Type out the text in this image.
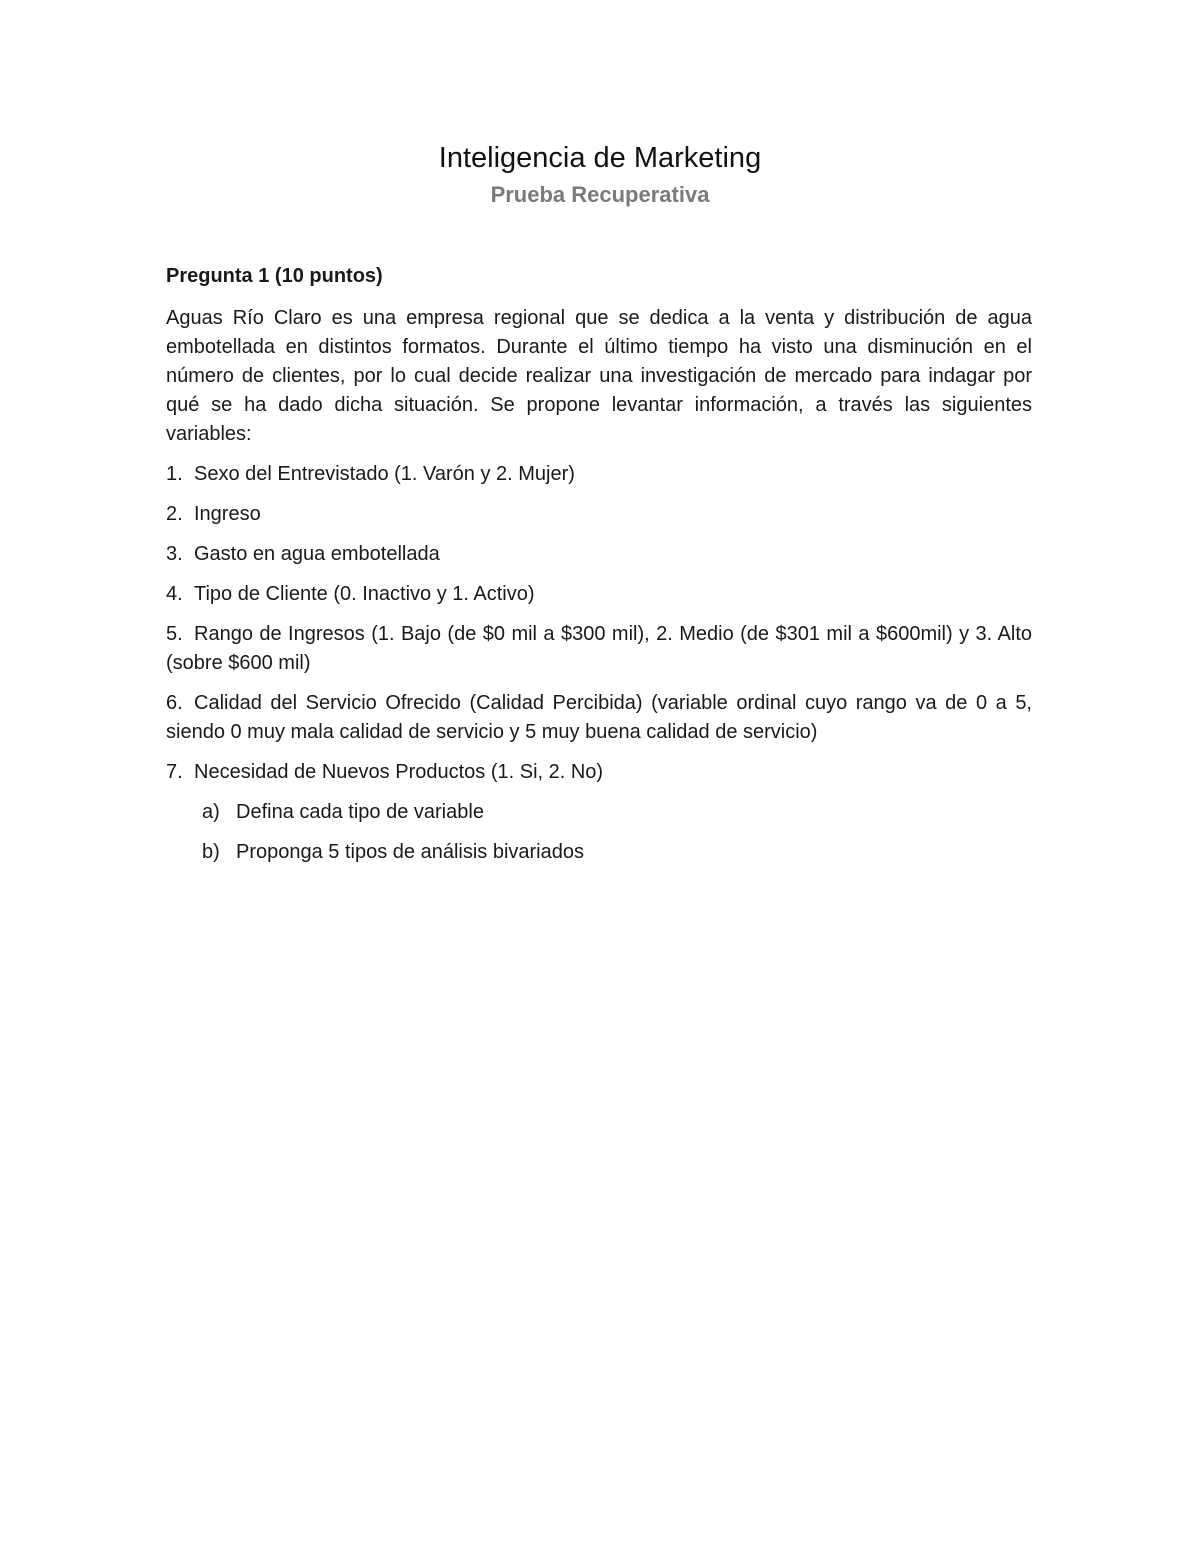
Inteligencia de Marketing
Prueba Recuperativa
Pregunta 1 (10 puntos)

Aguas Río Claro es una empresa regional que se dedica a la venta y distribución de agua embotellada en distintos formatos. Durante el último tiempo ha visto una disminución en el número de clientes, por lo cual decide realizar una investigación de mercado para indagar por qué se ha dado dicha situación. Se propone levantar información, a través las siguientes variables:

1. Sexo del Entrevistado (1. Varón y 2. Mujer)
2. Ingreso
3. Gasto en agua embotellada
4. Tipo de Cliente (0. Inactivo y 1. Activo)
5. Rango de Ingresos (1. Bajo (de $0 mil a $300 mil), 2. Medio (de $301 mil a $600mil) y 3. Alto (sobre $600 mil)
6. Calidad del Servicio Ofrecido (Calidad Percibida) (variable ordinal cuyo rango va de 0 a 5, siendo 0 muy mala calidad de servicio y 5 muy buena calidad de servicio)
7. Necesidad de Nuevos Productos (1. Si, 2. No)
a) Defina cada tipo de variable
b) Proponga 5 tipos de análisis bivariados
